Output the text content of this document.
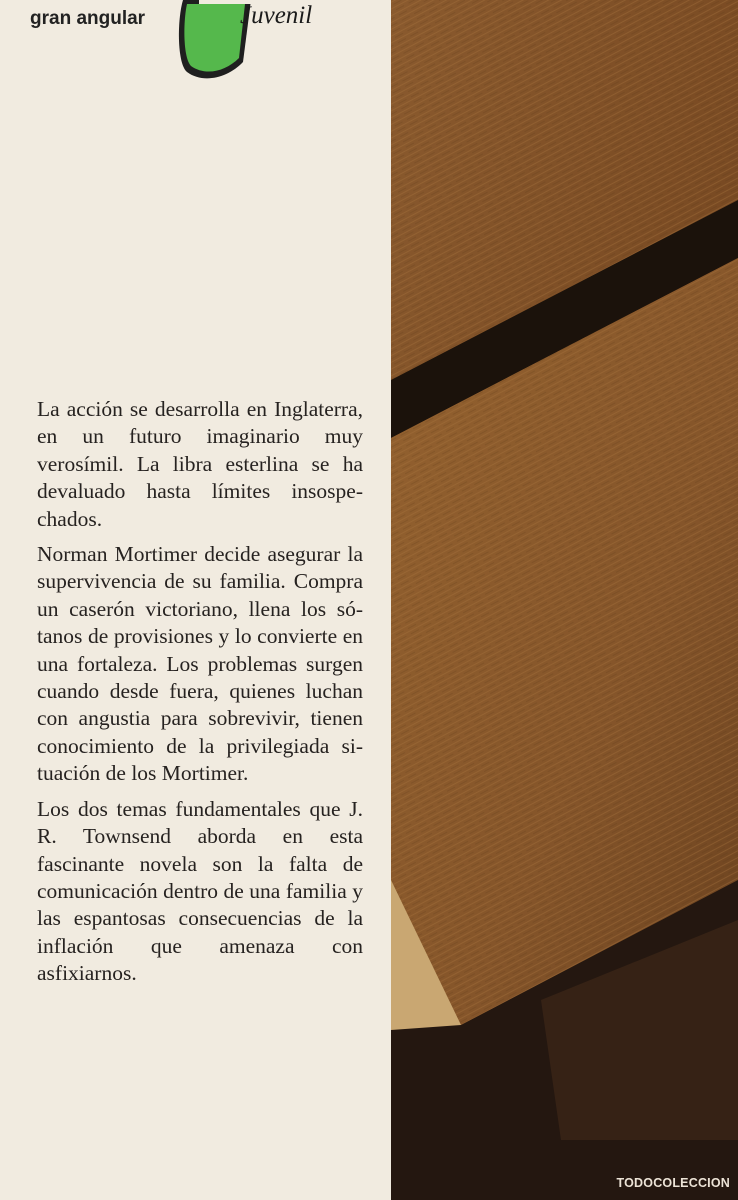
gran angular	Juvenil

La acción se desarrolla en Inglaterra, en un futuro imaginario muy verosímil. La libra esterlina se ha devaluado hasta límites insospechados.

Norman Mortimer decide asegurar la supervivencia de su familia. Compra un caserón victoriano, llena los sótanos de provisiones y lo convierte en una fortaleza. Los problemas surgen cuando desde fuera, quienes luchan con angustia para sobrevivir, tienen conocimiento de la privilegiada situación de los Mortimer.

Los dos temas fundamentales que J. R. Townsend aborda en esta fascinante novela son la falta de comunicación dentro de una familia y las espantosas consecuencias de la inflación que amenaza con asfixiarnos.

TODOCOLECCION
